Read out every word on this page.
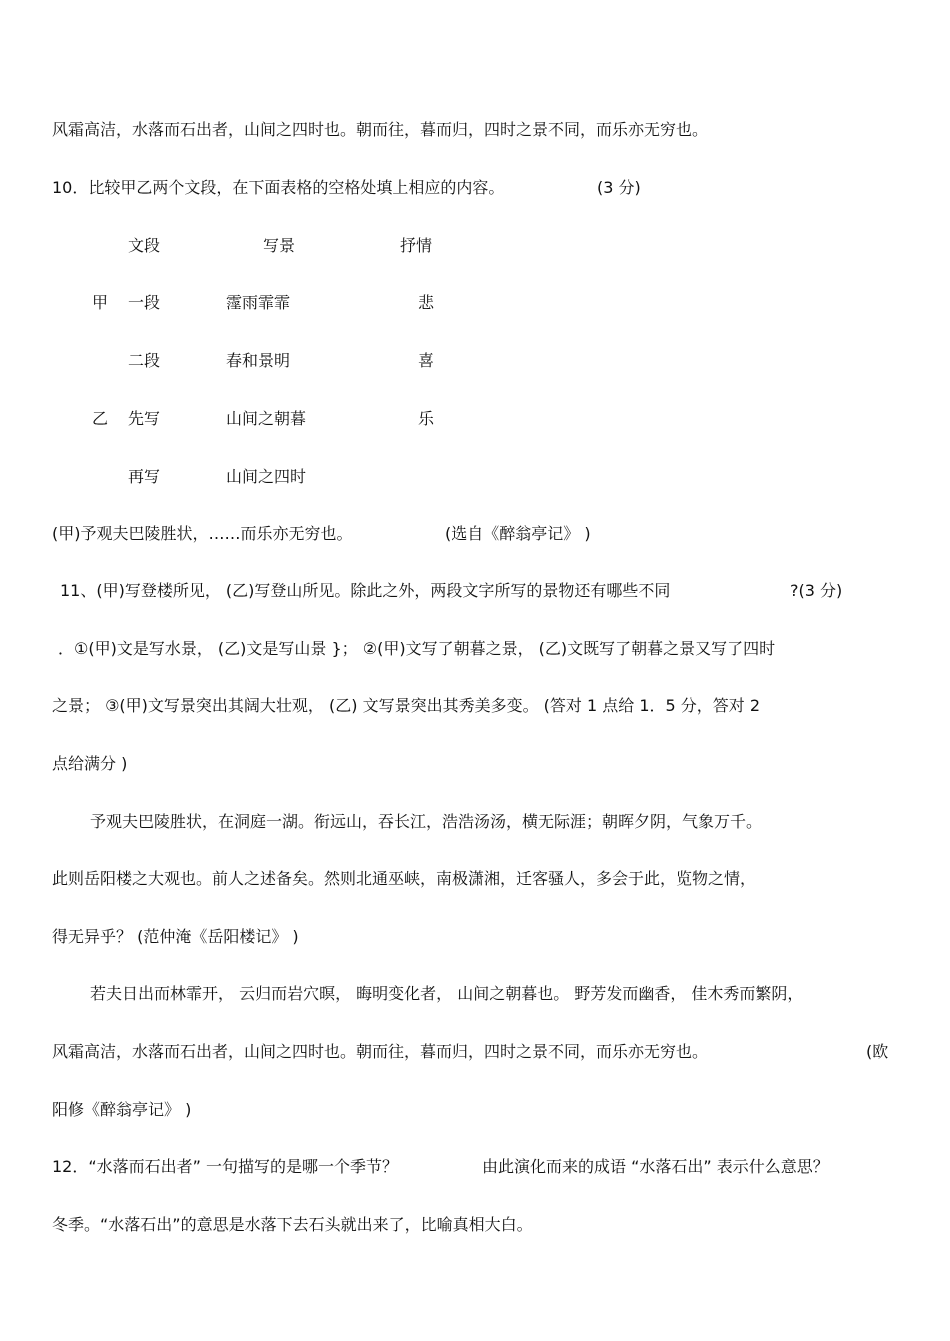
风霜高洁，水落而石出者，山间之四时也。朝而往，暮而归，四时之景不同，而乐亦无穷也。
10．比较甲乙两个文段，在下面表格的空格处填上相应的内容。	(3 分)
文段	写景	抒情
甲 一段	霪雨霏霏	悲
二段	春和景明	喜
乙 先写	山间之朝暮	乐
再写	山间之四时
(甲)予观夫巴陵胜状，……而乐亦无穷也。	(选自《醉翁亭记》 )
11、(甲)写登楼所见， (乙)写登山所见。除此之外，两段文字所写的景物还有哪些不同	?(3 分)
．①(甲)文是写水景， (乙)文是写山景 }； ②(甲)文写了朝暮之景， (乙)文既写了朝暮之景又写了四时
之景； ③(甲)文写景突出其阔大壮观， (乙) 文写景突出其秀美多变。 (答对 1 点给 1．5 分，答对 2
点给满分 )
予观夫巴陵胜状，在洞庭一湖。衔远山，吞长江，浩浩汤汤，横无际涯；朝晖夕阴，气象万千。
此则岳阳楼之大观也。前人之述备矣。然则北通巫峡，南极潇湘，迁客骚人，多会于此，览物之情，
得无异乎？ (范仲淹《岳阳楼记》 )
若夫日出而林霏开， 云归而岩穴暝， 晦明变化者， 山间之朝暮也。 野芳发而幽香， 佳木秀而繁阴，
风霜高洁，水落而石出者，山间之四时也。朝而往，暮而归，四时之景不同，而乐亦无穷也。	(欧
阳修《醉翁亭记》 )
12．“水落而石出者” 一句描写的是哪一个季节？	由此演化而来的成语 “水落石出” 表示什么意思？
冬季。“水落石出”的意思是水落下去石头就出来了，比喻真相大白。
